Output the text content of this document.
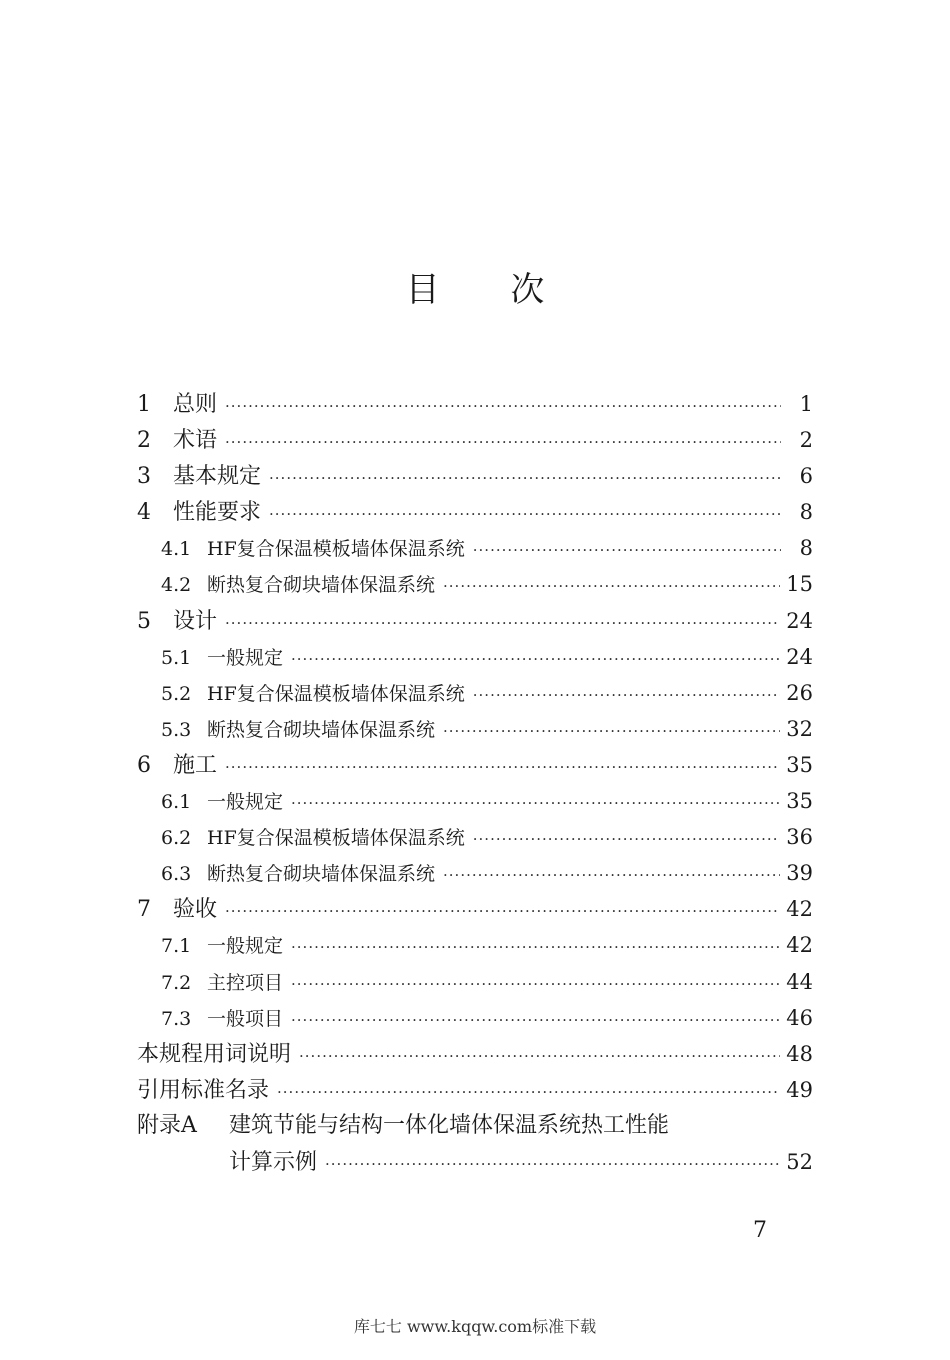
目 次
1	总则 ·····	1
2	术语 ·····	2
3	基本规定 ·····	6
4	性能要求 ·····	8
4.1 HF复合保温模板墙体保温系统 ·····	8
4.2 断热复合砌块墙体保温系统 ·····	15
5	设计 ·····	24
5.1 一般规定 ·····	24
5.2 HF复合保温模板墙体保温系统 ·····	26
5.3 断热复合砌块墙体保温系统 ·····	32
6	施工 ·····	35
6.1 一般规定 ·····	35
6.2 HF复合保温模板墙体保温系统 ·····	36
6.3 断热复合砌块墙体保温系统 ·····	39
7	验收 ·····	42
7.1 一般规定 ·····	42
7.2 主控项目 ·····	44
7.3 一般项目 ·····	46
本规程用词说明 ·····	48
引用标准名录 ·····	49
附录A	建筑节能与结构一体化墙体保温系统热工性能
计算示例 ·····	52
7
库七七 www.kqqw.com标准下载
